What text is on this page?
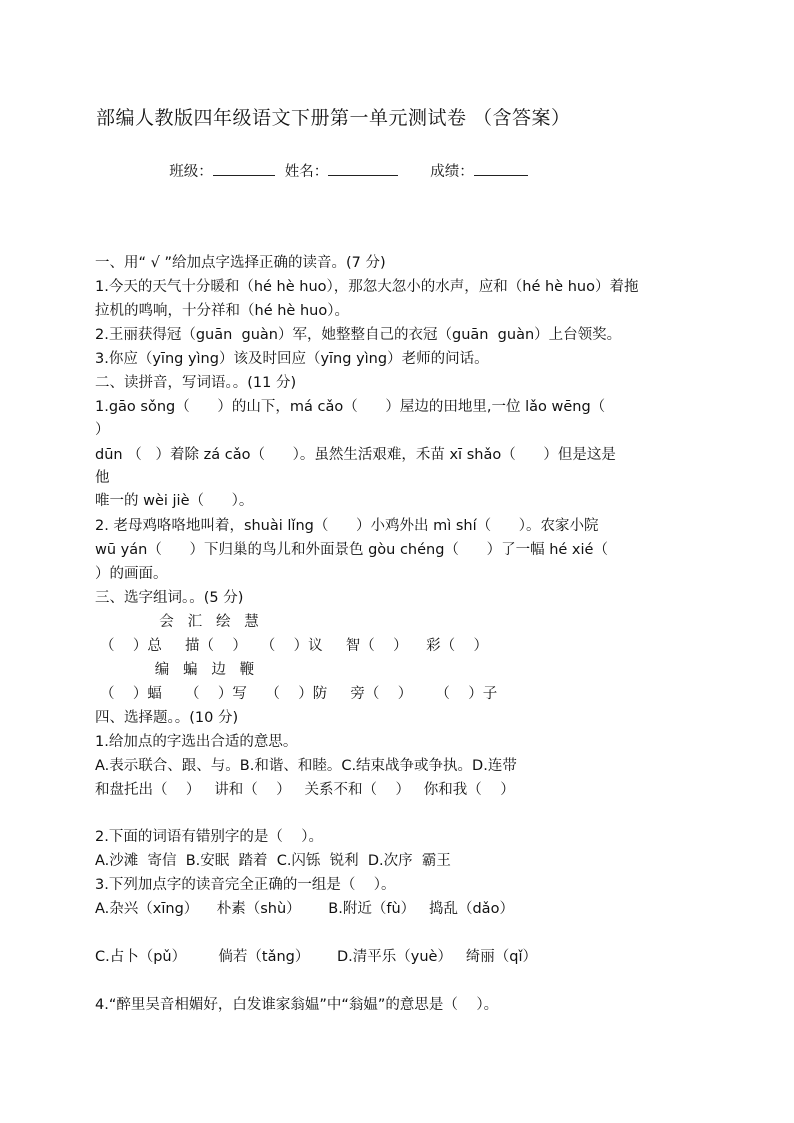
部编人教版四年级语文下册第一单元测试卷 （含答案）

班级：	姓名：	成绩：

一、用“ √ ”给加点字选择正确的读音。(7 分)
1.今天的天气十分暖和（hé hè huo），那忽大忽小的水声，应和（hé hè huo）着拖
拉机的鸣响，十分祥和（hé hè huo）。
2.王丽获得冠（guān  guàn）军，她整整自己的衣冠（guān  guàn）上台领奖。
3.你应（yīng yìng）该及时回应（yīng yìng）老师的问话。
二、读拼音，写词语。。(11 分)
1.gāo sǒng（      ）的山下，má cǎo（      ）屋边的田地里,一位 lǎo wēng（
）
dūn （   ）着除 zá cǎo（      ）。虽然生活艰难，禾苗 xī shǎo（      ）但是这是
他
唯一的 wèi jiè（      ）。
2. 老母鸡咯咯地叫着，shuài lǐng（      ）小鸡外出 mì shí（      ）。农家小院
wū yán（      ）下归巢的鸟儿和外面景色 gòu chéng（      ）了一幅 hé xié（
）的画面。
三、选字组词。。(5 分)
会   汇   绘   慧
（    ）总     描（    ）   （    ）议     智（    ）    彩（    ）
编   蝙   边   鞭
（    ）蝠     （    ）写    （    ）防     旁（    ）     （    ）子
四、选择题。。(10 分)
1.给加点的字选出合适的意思。
A.表示联合、跟、与。B.和谐、和睦。C.结束战争或争执。D.连带
和盘托出（    ）   讲和（    ）   关系不和（    ）   你和我（    ）
2.下面的词语有错别字的是（    ）。
A.沙滩  寄信  B.安眠  踏着  C.闪铄  锐利  D.次序  霸王
3.下列加点字的读音完全正确的一组是（    ）。
A.杂兴（xīng）    朴素（shù）      B.附近（fù）   捣乱（dǎo）
C.占卜（pǔ）       倘若（tǎng）      D.清平乐（yuè）   绮丽（qǐ）
4.“醉里吴音相媚好，白发谁家翁媪”中“翁媪”的意思是（    ）。
